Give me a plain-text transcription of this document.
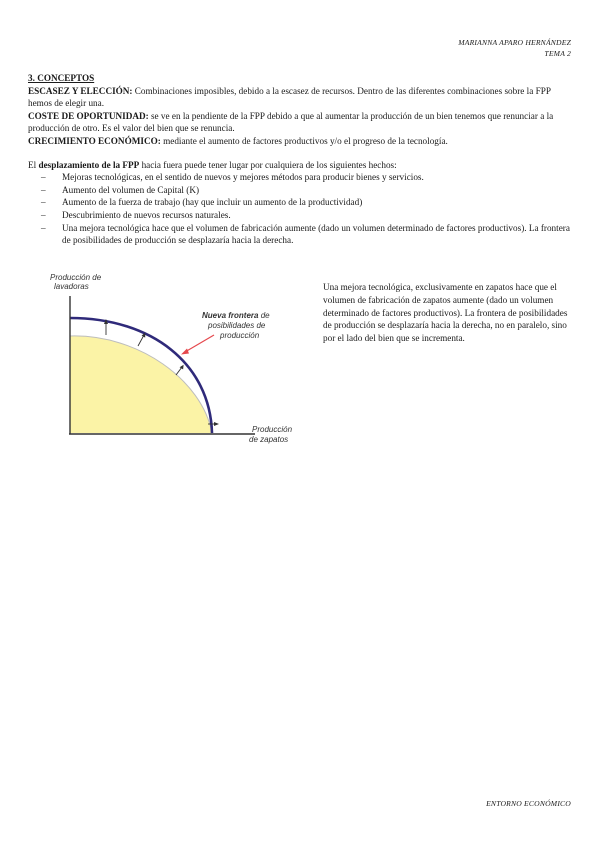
MARIANNA APARO HERNÁNDEZ
TEMA 2
3. CONCEPTOS

ESCASEZ Y ELECCIÓN: Combinaciones imposibles, debido a la escasez de recursos. Dentro de las diferentes combinaciones sobre la FPP hemos de elegir una.

COSTE DE OPORTUNIDAD: se ve en la pendiente de la FPP debido a que al aumentar la producción de un bien tenemos que renunciar a la producción de otro. Es el valor del bien que se renuncia.

CRECIMIENTO ECONÓMICO: mediante el aumento de factores productivos y/o el progreso de la tecnología.

El desplazamiento de la FPP hacia fuera puede tener lugar por cualquiera de los siguientes hechos:

– Mejoras tecnológicas, en el sentido de nuevos y mejores métodos para producir bienes y servicios.
– Aumento del volumen de Capital (K)
– Aumento de la fuerza de trabajo (hay que incluir un aumento de la productividad)
– Descubrimiento de nuevos recursos naturales.
– Una mejora tecnológica hace que el volumen de fabricación aumente (dado un volumen determinado de factores productivos). La frontera de posibilidades de producción se desplazaría hacia la derecha.
Producción de lavadoras
Producción de zapatos
Nueva frontera de posibilidades de producción
Una mejora tecnológica, exclusivamente en zapatos hace que el volumen de fabricación de zapatos aumente (dado un volumen determinado de factores productivos). La frontera de posibilidades de producción se desplazaría hacia la derecha, no en paralelo, sino por el lado del bien que se incrementa.
ENTORNO ECONÓMICO
